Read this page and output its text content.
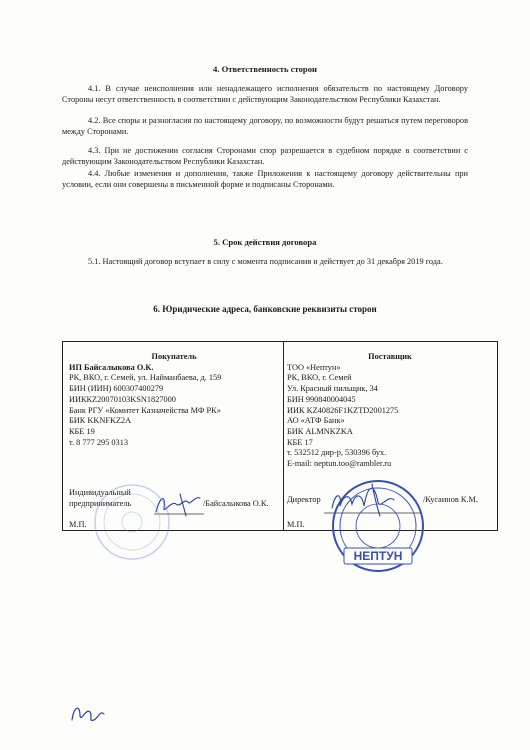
4. Ответственность сторон
4.1. В случае неисполнения или ненадлежащего исполнения обязательств по настоящему Договору Стороны несут ответственность в соответствии с действующим Законодательством Республики Казахстан.
4.2. Все споры и разногласия по настоящему договору, по возможности будут решаться путем переговоров между Сторонами.
4.3. При не достижении согласия Сторонами спор разрешается в судебном порядке в соответствии с действующим Законодательством Республики Казахстан.
4.4. Любые изменения и дополнения, также Приложения к настоящему договору действительны при условии, если они совершены в письменной форме и подписаны Сторонами.
5. Срок действия договора
5.1. Настоящий договор вступает в силу с момента подписания и действует до 31 декабря 2019 года.
6. Юридические адреса, банковские реквизиты сторон
Покупатель
ИП Байсалыкова О.К.
РК, ВКО, г. Семей, ул. Найманбаева, д. 159
БИН (ИИН) 600307400279
ИИККZ20070103KSN1827000
Банк РГУ «Комитет Казначейства МФ РК»
БИК KKNFKZ2A
КБЕ 19
т. 8 777 295 0313
Поставщик
ТОО «Нептун»
РК, ВКО, г. Семей
Ул. Красный пильщик, 34
БИН 990840004045
ИИК KZ40826F1KZTD2001275
АО «АТФ Банк»
БИК ALMNKZKA
КБЕ 17
т. 532512 дир-р, 530396 бух.
E-mail: neptun.too@rambler.ru
Индивидуальный
предприниматель	/Байсалыкова О.К.
М.П.
Директор	/Кусаинов К.М.
М.П.
НЕПТУН
